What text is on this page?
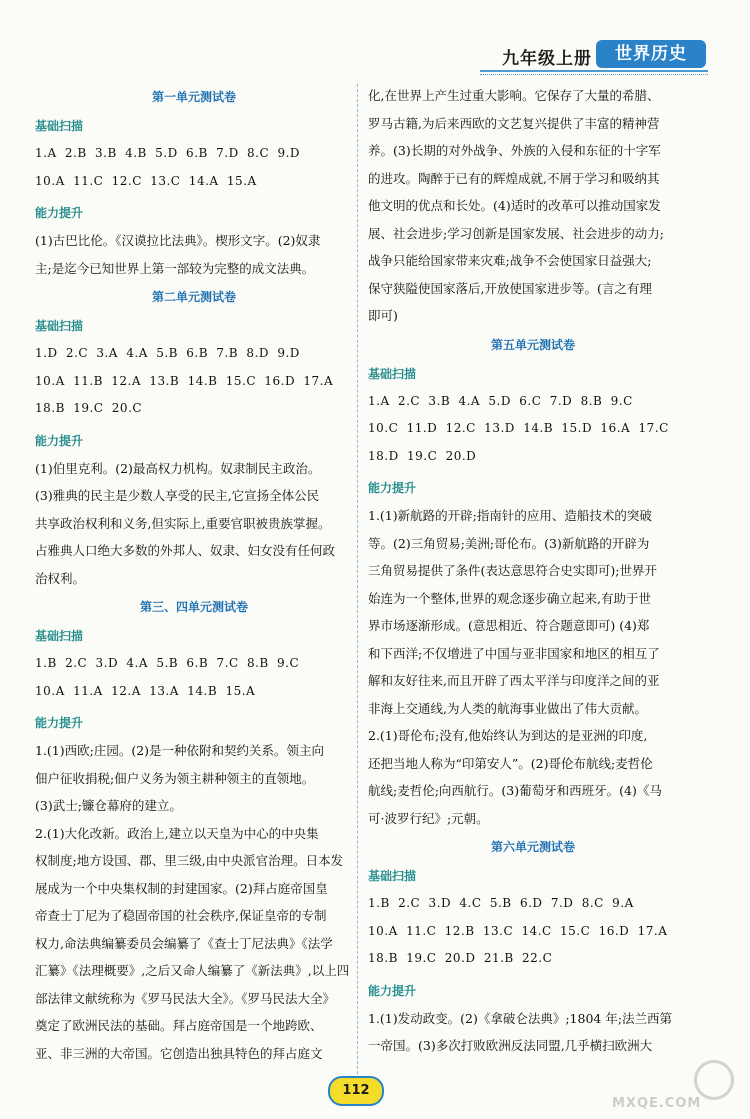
九年级上册	世界历史
第一单元测试卷
基础扫描
1.A 2.B 3.B 4.B 5.D 6.B 7.D 8.C 9.D
10.A 11.C 12.C 13.C 14.A 15.A
能力提升
(1)古巴比伦。《汉谟拉比法典》。楔形文字。(2)奴隶
主;是迄今已知世界上第一部较为完整的成文法典。
第二单元测试卷
基础扫描
1.D 2.C 3.A 4.A 5.B 6.B 7.B 8.D 9.D
10.A 11.B 12.A 13.B 14.B 15.C 16.D 17.A
18.B 19.C 20.C
能力提升
(1)伯里克利。(2)最高权力机构。奴隶制民主政治。
(3)雅典的民主是少数人享受的民主,它宣扬全体公民
共享政治权利和义务,但实际上,重要官职被贵族掌握。
占雅典人口绝大多数的外邦人、奴隶、妇女没有任何政
治权利。
第三、四单元测试卷
基础扫描
1.B 2.C 3.D 4.A 5.B 6.B 7.C 8.B 9.C
10.A 11.A 12.A 13.A 14.B 15.A
能力提升
1.(1)西欧;庄园。(2)是一种依附和契约关系。领主向
佃户征收捐税;佃户义务为领主耕种领主的直领地。
(3)武士;镰仓幕府的建立。
2.(1)大化改新。政治上,建立以天皇为中心的中央集
权制度;地方设国、郡、里三级,由中央派官治理。日本发
展成为一个中央集权制的封建国家。(2)拜占庭帝国皇
帝查士丁尼为了稳固帝国的社会秩序,保证皇帝的专制
权力,命法典编纂委员会编纂了《查士丁尼法典》《法学
汇纂》《法理概要》,之后又命人编纂了《新法典》,以上四
部法律文献统称为《罗马民法大全》。《罗马民法大全》
奠定了欧洲民法的基础。拜占庭帝国是一个地跨欧、
亚、非三洲的大帝国。它创造出独具特色的拜占庭文
化,在世界上产生过重大影响。它保存了大量的希腊、
罗马古籍,为后来西欧的文艺复兴提供了丰富的精神营
养。(3)长期的对外战争、外族的入侵和东征的十字军
的进攻。陶醉于已有的辉煌成就,不屑于学习和吸纳其
他文明的优点和长处。(4)适时的改革可以推动国家发
展、社会进步;学习创新是国家发展、社会进步的动力;
战争只能给国家带来灾难;战争不会使国家日益强大;
保守狭隘使国家落后,开放使国家进步等。(言之有理
即可)
第五单元测试卷
基础扫描
1.A 2.C 3.B 4.A 5.D 6.C 7.D 8.B 9.C
10.C 11.D 12.C 13.D 14.B 15.D 16.A 17.C
18.D 19.C 20.D
能力提升
1.(1)新航路的开辟;指南针的应用、造船技术的突破
等。(2)三角贸易;美洲;哥伦布。(3)新航路的开辟为
三角贸易提供了条件(表达意思符合史实即可);世界开
始连为一个整体,世界的观念逐步确立起来,有助于世
界市场逐渐形成。(意思相近、符合题意即可) (4)郑
和下西洋;不仅增进了中国与亚非国家和地区的相互了
解和友好往来,而且开辟了西太平洋与印度洋之间的亚
非海上交通线,为人类的航海事业做出了伟大贡献。
2.(1)哥伦布;没有,他始终认为到达的是亚洲的印度,
还把当地人称为“印第安人”。(2)哥伦布航线;麦哲伦
航线;麦哲伦;向西航行。(3)葡萄牙和西班牙。(4)《马
可·波罗行纪》;元朝。
第六单元测试卷
基础扫描
1.B 2.C 3.D 4.C 5.B 6.D 7.D 8.C 9.A
10.A 11.C 12.B 13.C 14.C 15.C 16.D 17.A
18.B 19.C 20.D 21.B 22.C
能力提升
1.(1)发动政变。(2)《拿破仑法典》;1804 年;法兰西第
一帝国。(3)多次打败欧洲反法同盟,几乎横扫欧洲大
112
MXQE.COM
